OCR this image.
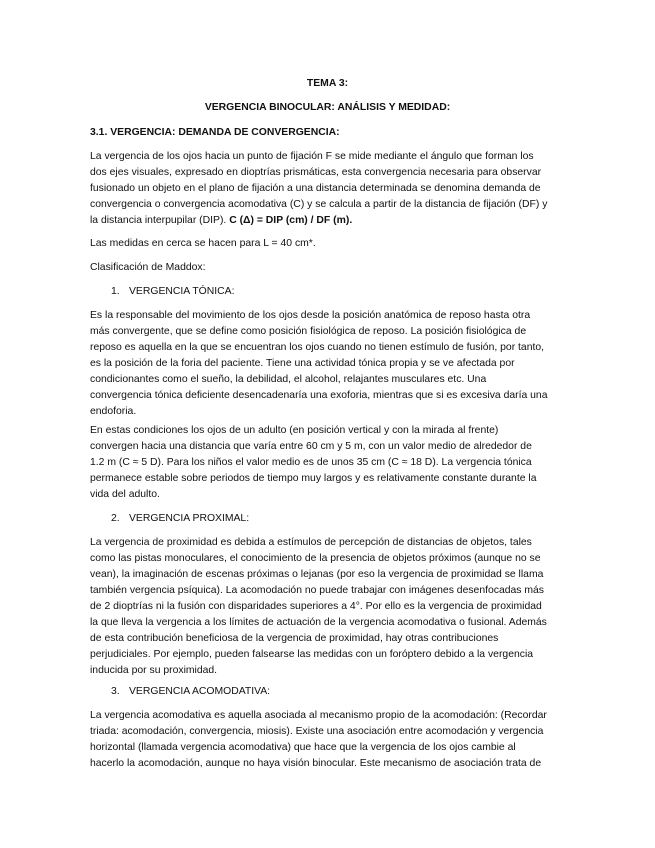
TEMA 3:
VERGENCIA BINOCULAR: ANÁLISIS Y MEDIDAD:
3.1. VERGENCIA: DEMANDA DE CONVERGENCIA:
La vergencia de los ojos hacia un punto de fijación F se mide mediante el ángulo que forman los
dos ejes visuales, expresado en dioptrías prismáticas, esta convergencia necesaria para observar
fusionado un objeto en el plano de fijación a una distancia determinada se denomina demanda de
convergencia o convergencia acomodativa (C) y se calcula a partir de la distancia de fijación (DF) y
la distancia interpupilar (DIP). C (Δ) = DIP (cm) / DF (m).
Las medidas en cerca se hacen para L = 40 cm*.
Clasificación de Maddox:
1. VERGENCIA TÓNICA:
Es la responsable del movimiento de los ojos desde la posición anatómica de reposo hasta otra
más convergente, que se define como posición fisiológica de reposo. La posición fisiológica de
reposo es aquella en la que se encuentran los ojos cuando no tienen estímulo de fusión, por tanto,
es la posición de la foria del paciente. Tiene una actividad tónica propia y se ve afectada por
condicionantes como el sueño, la debilidad, el alcohol, relajantes musculares etc. Una
convergencia tónica deficiente desencadenaría una exoforia, mientras que si es excesiva daría una
endoforia.
En estas condiciones los ojos de un adulto (en posición vertical y con la mirada al frente)
convergen hacia una distancia que varía entre 60 cm y 5 m, con un valor medio de alrededor de
1.2 m (C ≈ 5 D). Para los niños el valor medio es de unos 35 cm (C ≈ 18 D). La vergencia tónica
permanece estable sobre periodos de tiempo muy largos y es relativamente constante durante la
vida del adulto.
2. VERGENCIA PROXIMAL:
La vergencia de proximidad es debida a estímulos de percepción de distancias de objetos, tales
como las pistas monoculares, el conocimiento de la presencia de objetos próximos (aunque no se
vean), la imaginación de escenas próximas o lejanas (por eso la vergencia de proximidad se llama
también vergencia psíquica). La acomodación no puede trabajar con imágenes desenfocadas más
de 2 dioptrías ni la fusión con disparidades superiores a 4°. Por ello es la vergencia de proximidad
la que lleva la vergencia a los límites de actuación de la vergencia acomodativa o fusional. Además
de esta contribución beneficiosa de la vergencia de proximidad, hay otras contribuciones
perjudiciales. Por ejemplo, pueden falsearse las medidas con un foróptero debido a la vergencia
inducida por su proximidad.
3. VERGENCIA ACOMODATIVA:
La vergencia acomodativa es aquella asociada al mecanismo propio de la acomodación: (Recordar
triada: acomodación, convergencia, miosis). Existe una asociación entre acomodación y vergencia
horizontal (llamada vergencia acomodativa) que hace que la vergencia de los ojos cambie al
hacerlo la acomodación, aunque no haya visión binocular. Este mecanismo de asociación trata de
